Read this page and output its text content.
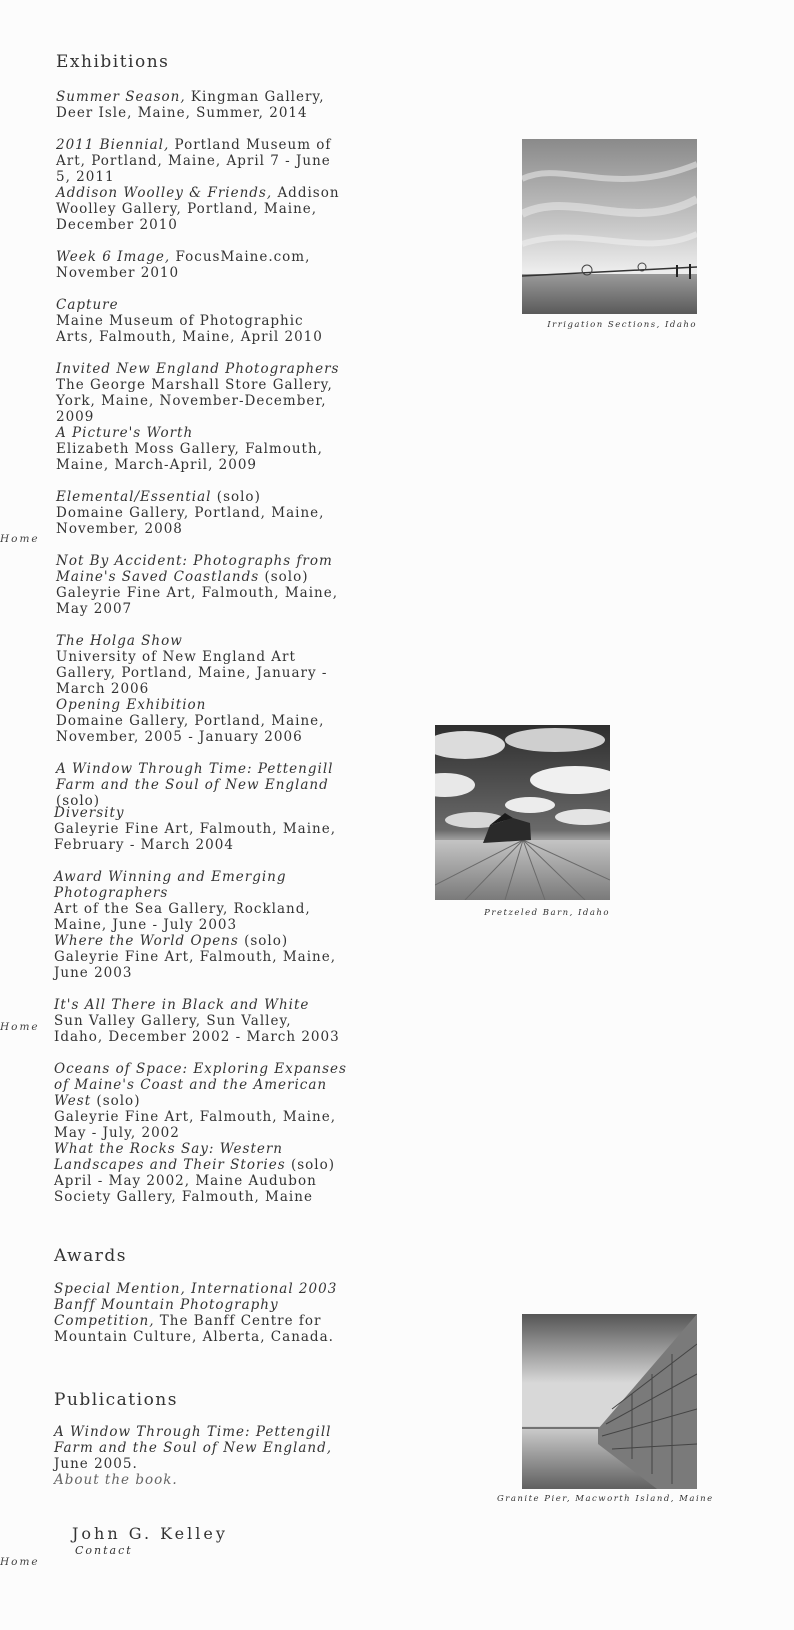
Home
Home
Home
Exhibitions
Summer Season, Kingman Gallery, Deer Isle, Maine, Summer, 2014
2011 Biennial, Portland Museum of Art, Portland, Maine, April 7 - June 5, 2011
Addison Woolley & Friends, Addison Woolley Gallery, Portland, Maine, December 2010
Week 6 Image, FocusMaine.com, November 2010
Capture
Maine Museum of Photographic Arts, Falmouth, Maine, April 2010
Invited New England Photographers
The George Marshall Store Gallery, York, Maine, November-December, 2009
A Picture's Worth
Elizabeth Moss Gallery, Falmouth, Maine, March-April, 2009
Elemental/Essential (solo)
Domaine Gallery, Portland, Maine, November, 2008
Not By Accident: Photographs from Maine's Saved Coastlands (solo)
Galeyrie Fine Art, Falmouth, Maine, May 2007
The Holga Show
University of New England Art Gallery, Portland, Maine, January - March 2006
Opening Exhibition
Domaine Gallery, Portland, Maine, November, 2005 - January 2006
A Window Through Time: Pettengill Farm and the Soul of New England (solo)
Diversity
Galeyrie Fine Art, Falmouth, Maine, February - March 2004
Award Winning and Emerging Photographers
Art of the Sea Gallery, Rockland, Maine, June - July 2003
Where the World Opens (solo)
Galeyrie Fine Art, Falmouth, Maine, June 2003
It's All There in Black and White
Sun Valley Gallery, Sun Valley, Idaho, December 2002 - March 2003
Oceans of Space: Exploring Expanses of Maine's Coast and the American West (solo)
Galeyrie Fine Art, Falmouth, Maine, May - July, 2002
What the Rocks Say: Western Landscapes and Their Stories (solo)
April - May 2002, Maine Audubon Society Gallery, Falmouth, Maine
Awards
Special Mention, International 2003 Banff Mountain Photography Competition, The Banff Centre for Mountain Culture, Alberta, Canada.
Publications
A Window Through Time: Pettengill Farm and the Soul of New England, June 2005.
About the book.
John G. Kelley
Contact
Irrigation Sections, Idaho
Pretzeled Barn, Idaho
Granite Pier, Macworth Island, Maine
